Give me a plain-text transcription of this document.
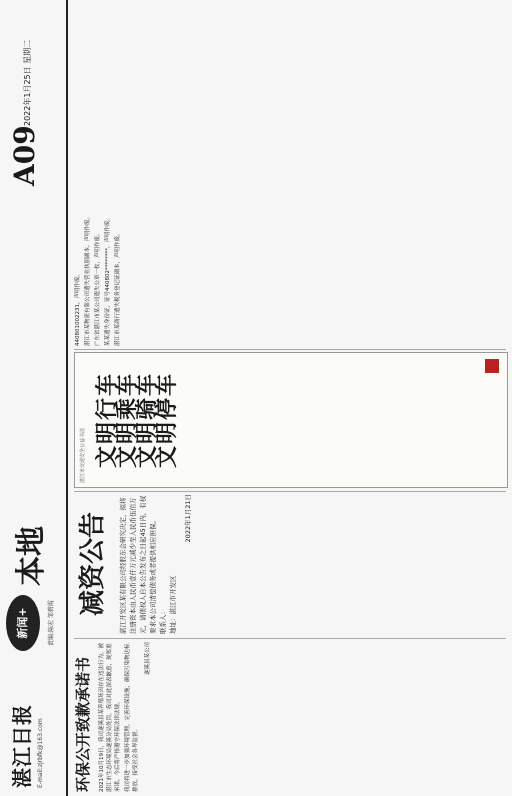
湛江日报 E-mail:zjrbfk@163.com
新闻+
本地
责编:陈宏 邹碧霞
A09
2022年1月25日 星期二
环保公开致歉承诺书 2021年10月19日，我司遂溪县某养殖场因存在违法行为，被湛江市生态环境局遂溪分局处罚。我司对此深表歉意，现郑重承诺，今后将严格遵守环保法律法规。 我司将进一步加强环境管理，完善环保设施，确保污染物达标排放，接受社会各界监督。

遂溪县某公司
减资公告 湛江开发区某有限公司经股东会研究决定，拟将注册资本由人民币壹仟万元减少至人民币伍佰万元，请债权人自本公告发布之日起45日内，有权要求本公司清偿债务或者提供相应担保。 联系人： 地址：湛江市开发区
2022年1月21日
湛江市交通安全公益书法 文明行车
文明乘车
文明骑车
文明停车

440801002231，声明作废。 湛江市某物流有限公司遗失营业执照副本，声明作废。 广东省湛江市某公司遗失公章一枚，声明作废。 某某遗失身份证，证号440802********，声明作废。 湛江市某商行遗失税务登记证副本，声明作废。
